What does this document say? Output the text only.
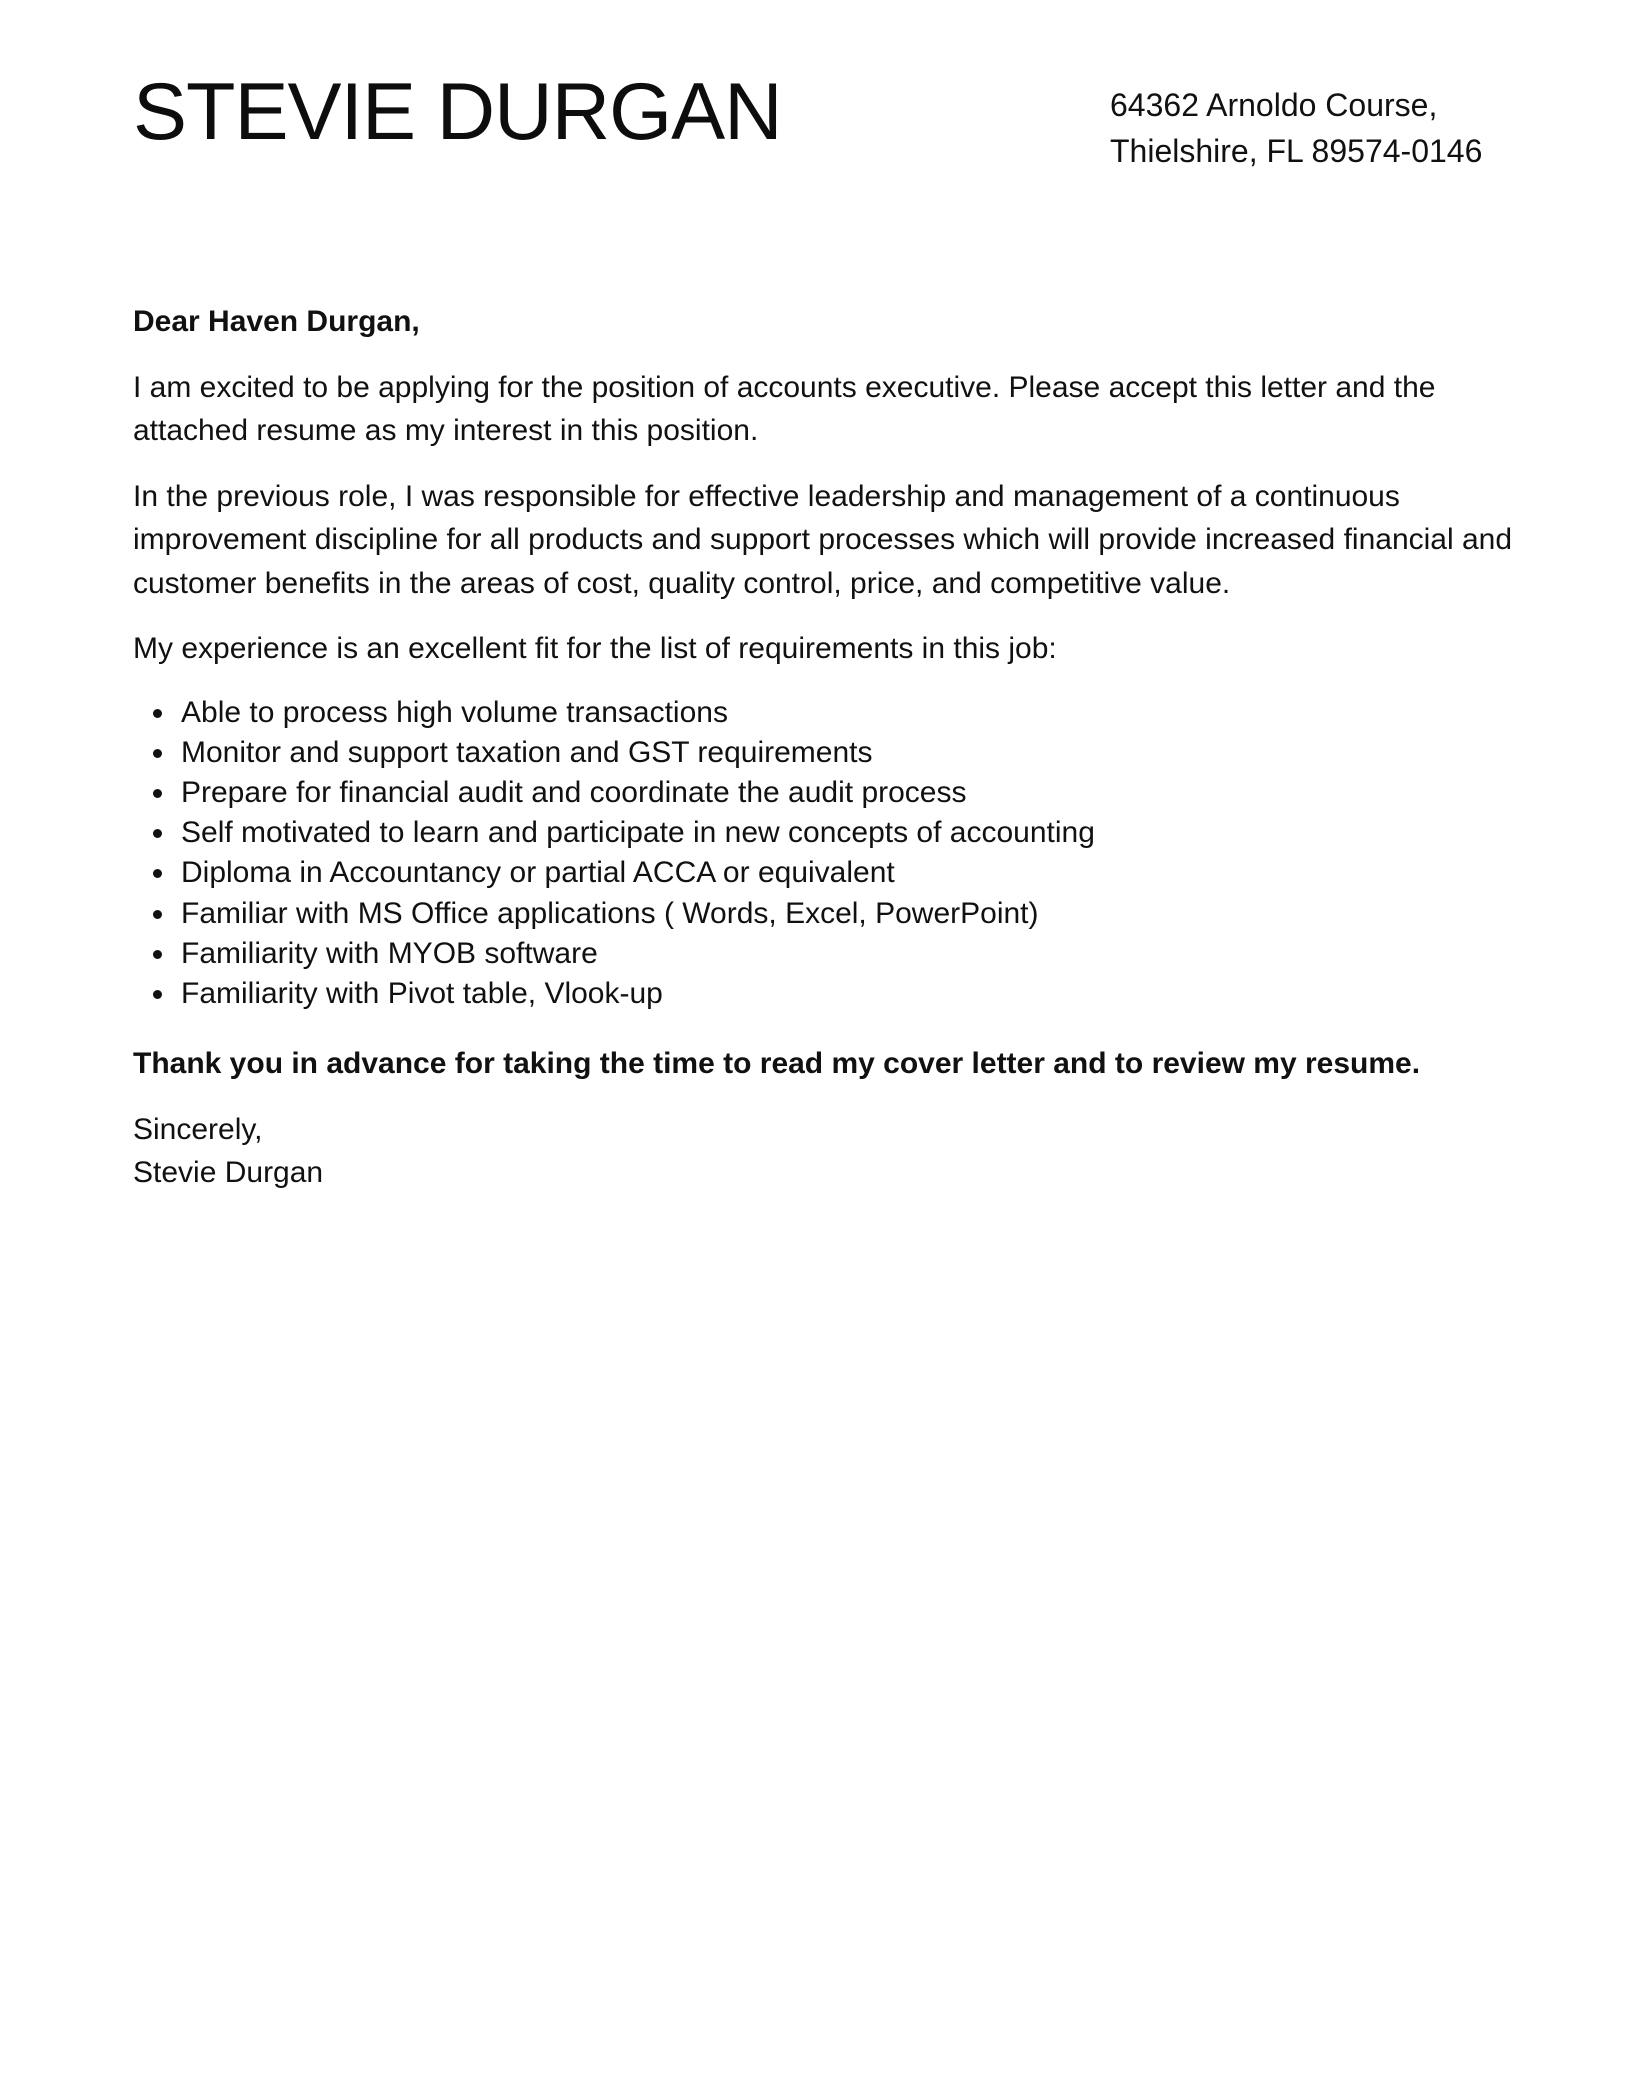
STEVIE DURGAN	64362 Arnoldo Course,
Thielshire, FL 89574-0146

Dear Haven Durgan,

I am excited to be applying for the position of accounts executive. Please accept this letter and the attached resume as my interest in this position.

In the previous role, I was responsible for effective leadership and management of a continuous improvement discipline for all products and support processes which will provide increased financial and customer benefits in the areas of cost, quality control, price, and competitive value.

My experience is an excellent fit for the list of requirements in this job:

Able to process high volume transactions
Monitor and support taxation and GST requirements
Prepare for financial audit and coordinate the audit process
Self motivated to learn and participate in new concepts of accounting
Diploma in Accountancy or partial ACCA or equivalent
Familiar with MS Office applications ( Words, Excel, PowerPoint)
Familiarity with MYOB software
Familiarity with Pivot table, Vlook-up

Thank you in advance for taking the time to read my cover letter and to review my resume.

Sincerely,
Stevie Durgan
